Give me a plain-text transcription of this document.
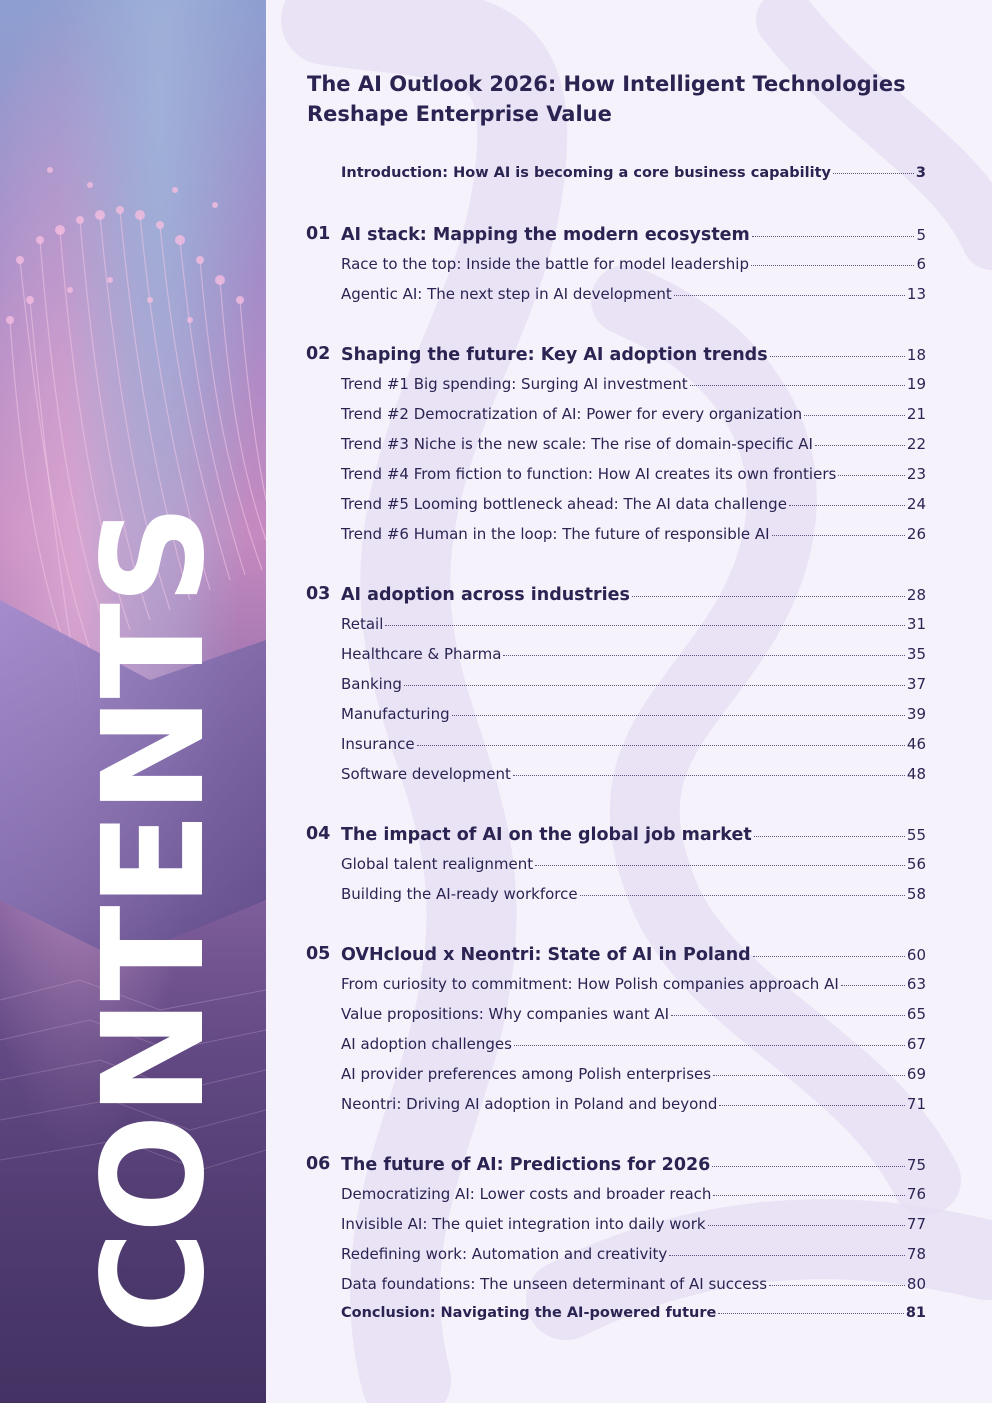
CONTENTS
The AI Outlook 2026: How Intelligent Technologies Reshape Enterprise Value
Introduction: How AI is becoming a core business capability	3
01 AI stack: Mapping the modern ecosystem	5
Race to the top: Inside the battle for model leadership	6
Agentic AI: The next step in AI development	13
02 Shaping the future: Key AI adoption trends	18
Trend #1 Big spending: Surging AI investment	19
Trend #2 Democratization of AI: Power for every organization	21
Trend #3 Niche is the new scale: The rise of domain-specific AI	22
Trend #4 From fiction to function: How AI creates its own frontiers	23
Trend #5 Looming bottleneck ahead: The AI data challenge	24
Trend #6 Human in the loop: The future of responsible AI	26
03 AI adoption across industries	28
Retail	31
Healthcare & Pharma	35
Banking	37
Manufacturing	39
Insurance	46
Software development	48
04 The impact of AI on the global job market	55
Global talent realignment	56
Building the AI-ready workforce	58
05 OVHcloud x Neontri: State of AI in Poland	60
From curiosity to commitment: How Polish companies approach AI	63
Value propositions: Why companies want AI	65
AI adoption challenges	67
AI provider preferences among Polish enterprises	69
Neontri: Driving AI adoption in Poland and beyond	71
06 The future of AI: Predictions for 2026	75
Democratizing AI: Lower costs and broader reach	76
Invisible AI: The quiet integration into daily work	77
Redefining work: Automation and creativity	78
Data foundations: The unseen determinant of AI success	80
Conclusion: Navigating the AI-powered future	81
